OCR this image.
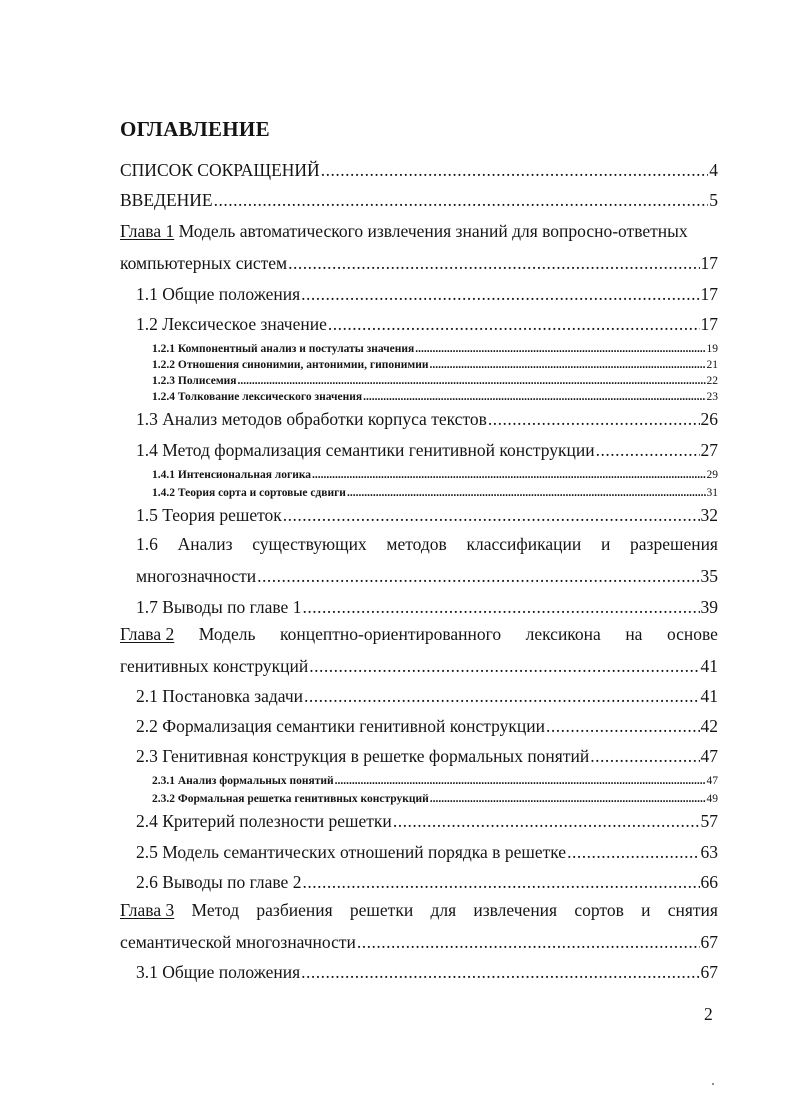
ОГЛАВЛЕНИЕ
СПИСОК СОКРАЩЕНИЙ .....	4
ВВЕДЕНИЕ .....	5
Глава 1 Модель автоматического извлечения знаний для вопросно-ответных
компьютерных систем .....	17
1.1 Общие положения .....	17
1.2 Лексическое значение .....	17
1.2.1 Компонентный анализ и постулаты значения .....	19
1.2.2 Отношения синонимии, антонимии, гипонимии .....	21
1.2.3 Полисемия .....	22
1.2.4 Толкование лексического значения .....	23
1.3 Анализ методов обработки корпуса текстов .....	26
1.4 Метод формализация семантики генитивной конструкции .....	27
1.4.1 Интенсиональная логика .....	29
1.4.2 Теория сорта и сортовые сдвиги .....	31
1.5 Теория решеток .....	32
1.6 Анализ существующих методов классификации и разрешения
многозначности .....	35
1.7 Выводы по главе 1 .....	39
Глава 2 Модель концептно-ориентированного лексикона на основе
генитивных конструкций .....	41
2.1 Постановка задачи .....	41
2.2 Формализация семантики генитивной конструкции .....	42
2.3 Генитивная конструкция в решетке формальных понятий .....	47
2.3.1 Анализ формальных понятий .....	47
2.3.2 Формальная решетка генитивных конструкций .....	49
2.4 Критерий полезности решетки .....	57
2.5 Модель семантических отношений порядка в решетке .....	63
2.6 Выводы по главе 2 .....	66
Глава 3 Метод разбиения решетки для извлечения сортов и снятия
семантической многозначности .....	67
3.1 Общие положения .....	67
2
